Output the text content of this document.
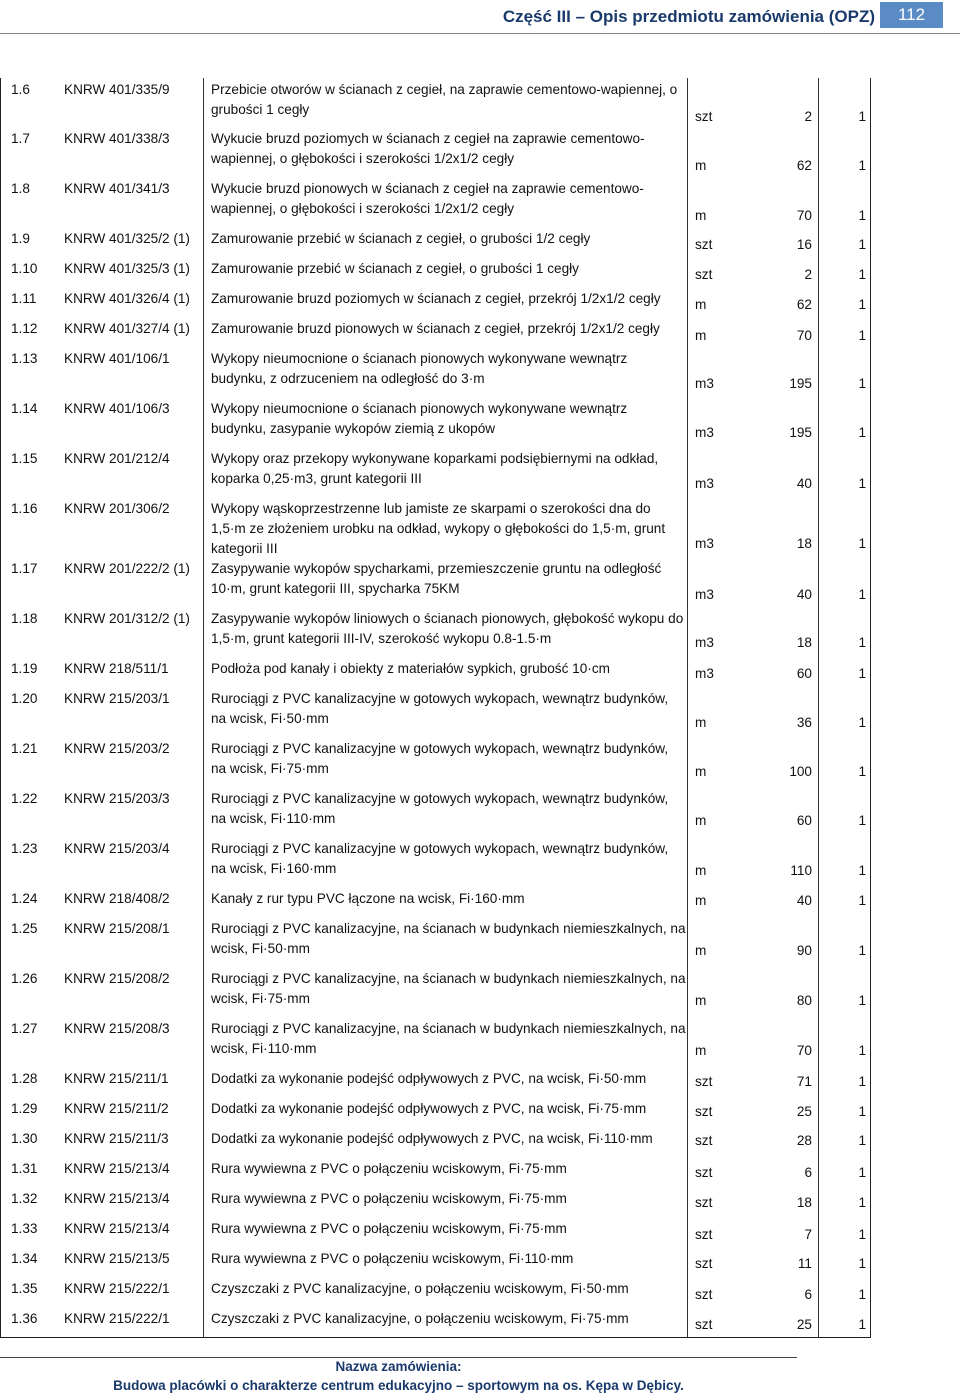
Część III – Opis przedmiotu zamówienia (OPZ)	112
1.6	KNRW 401/335/9	Przebicie otworów w ścianach z cegieł, na zaprawie cementowo-wapiennej, o grubości 1 cegły	szt	2	1
1.7	KNRW 401/338/3	Wykucie bruzd poziomych w ścianach z cegieł na zaprawie cementowo-wapiennej, o głębokości i szerokości 1/2x1/2 cegły	m	62	1
1.8	KNRW 401/341/3	Wykucie bruzd pionowych w ścianach z cegieł na zaprawie cementowo-wapiennej, o głębokości i szerokości 1/2x1/2 cegły	m	70	1
1.9	KNRW 401/325/2 (1) Zamurowanie przebić w ścianach z cegieł, o grubości 1/2 cegły	szt	16	1
1.10 KNRW 401/325/3 (1) Zamurowanie przebić w ścianach z cegieł, o grubości 1 cegły	szt	2	1
1.11 KNRW 401/326/4 (1) Zamurowanie bruzd poziomych w ścianach z cegieł, przekrój 1/2x1/2 cegły	m	62	1
1.12 KNRW 401/327/4 (1) Zamurowanie bruzd pionowych w ścianach z cegieł, przekrój 1/2x1/2 cegły	m	70	1
1.13 KNRW 401/106/1	Wykopy nieumocnione o ścianach pionowych wykonywane wewnątrz budynku, z odrzuceniem na odległość do 3·m	m3	195	1
1.14 KNRW 401/106/3	Wykopy nieumocnione o ścianach pionowych wykonywane wewnątrz budynku, zasypanie wykopów ziemią z ukopów	m3	195	1
1.15 KNRW 201/212/4	Wykopy oraz przekopy wykonywane koparkami podsiębiernymi na odkład, koparka 0,25·m3, grunt kategorii III	m3	40	1
1.16 KNRW 201/306/2	Wykopy wąskoprzestrzenne lub jamiste ze skarpami o szerokości dna do 1,5·m ze złożeniem urobku na odkład, wykopy o głębokości do 1,5·m, grunt kategorii III	m3	18	1
1.17 KNRW 201/222/2 (1) Zasypywanie wykopów spycharkami, przemieszczenie gruntu na odległość 10·m, grunt kategorii III, spycharka 75KM	m3	40	1
1.18 KNRW 201/312/2 (1) Zasypywanie wykopów liniowych o ścianach pionowych, głębokość wykopu do 1,5·m, grunt kategorii III-IV, szerokość wykopu 0.8-1.5·m	m3	18	1
1.19 KNRW 218/511/1	Podłoża pod kanały i obiekty z materiałów sypkich, grubość 10·cm	m3	60	1
1.20 KNRW 215/203/1	Rurociągi z PVC kanalizacyjne w gotowych wykopach, wewnątrz budynków, na wcisk, Fi·50·mm	m	36	1
1.21 KNRW 215/203/2	Rurociągi z PVC kanalizacyjne w gotowych wykopach, wewnątrz budynków, na wcisk, Fi·75·mm	m	100	1
1.22 KNRW 215/203/3	Rurociągi z PVC kanalizacyjne w gotowych wykopach, wewnątrz budynków, na wcisk, Fi·110·mm	m	60	1
1.23 KNRW 215/203/4	Rurociągi z PVC kanalizacyjne w gotowych wykopach, wewnątrz budynków, na wcisk, Fi·160·mm	m	110	1
1.24 KNRW 218/408/2	Kanały z rur typu PVC łączone na wcisk, Fi·160·mm	m	40	1
1.25 KNRW 215/208/1	Rurociągi z PVC kanalizacyjne, na ścianach w budynkach niemieszkalnych, na wcisk, Fi·50·mm	m	90	1
1.26 KNRW 215/208/2	Rurociągi z PVC kanalizacyjne, na ścianach w budynkach niemieszkalnych, na wcisk, Fi·75·mm	m	80	1
1.27 KNRW 215/208/3	Rurociągi z PVC kanalizacyjne, na ścianach w budynkach niemieszkalnych, na wcisk, Fi·110·mm	m	70	1
1.28 KNRW 215/211/1	Dodatki za wykonanie podejść odpływowych z PVC, na wcisk, Fi·50·mm	szt	71	1
1.29 KNRW 215/211/2	Dodatki za wykonanie podejść odpływowych z PVC, na wcisk, Fi·75·mm	szt	25	1
1.30 KNRW 215/211/3	Dodatki za wykonanie podejść odpływowych z PVC, na wcisk, Fi·110·mm	szt	28	1
1.31 KNRW 215/213/4	Rura wywiewna z PVC o połączeniu wciskowym, Fi·75·mm	szt	6	1
1.32 KNRW 215/213/4	Rura wywiewna z PVC o połączeniu wciskowym, Fi·75·mm	szt	18	1
1.33 KNRW 215/213/4	Rura wywiewna z PVC o połączeniu wciskowym, Fi·75·mm	szt	7	1
1.34 KNRW 215/213/5	Rura wywiewna z PVC o połączeniu wciskowym, Fi·110·mm	szt	11	1
1.35 KNRW 215/222/1	Czyszczaki z PVC kanalizacyjne, o połączeniu wciskowym, Fi·50·mm	szt	6	1
1.36 KNRW 215/222/1	Czyszczaki z PVC kanalizacyjne, o połączeniu wciskowym, Fi·75·mm	szt	25	1
Nazwa zamówienia:
Budowa placówki o charakterze centrum edukacyjno – sportowym na os. Kępa w Dębicy.
